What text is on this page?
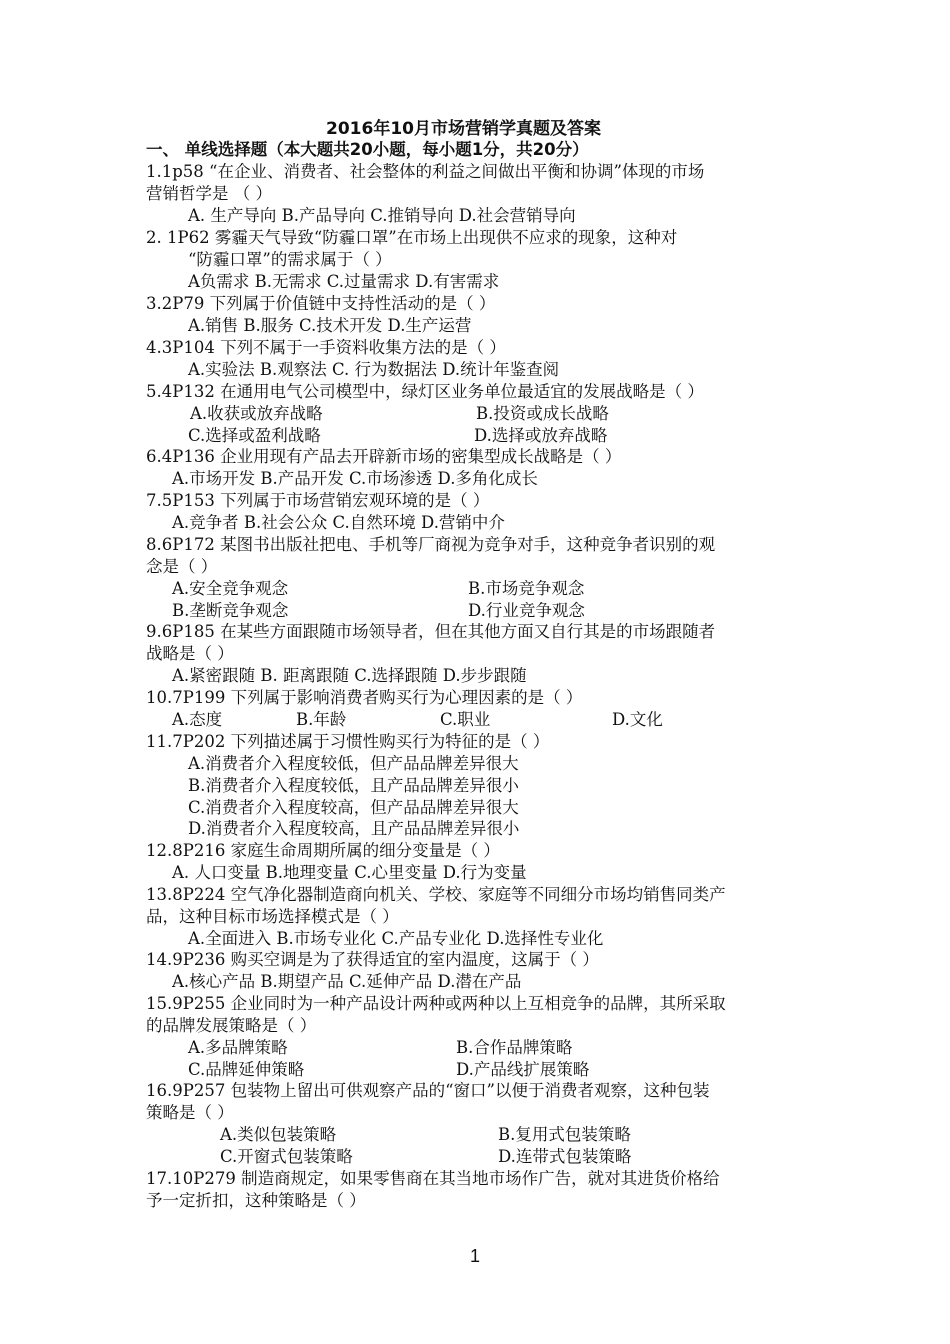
2016年10月市场营销学真题及答案
一、 单线选择题（本大题共20小题，每小题1分，共20分）
1.1p58 “在企业、消费者、社会整体的利益之间做出平衡和协调”体现的市场
营销哲学是 （ ）
A. 生产导向 B.产品导向 C.推销导向 D.社会营销导向
2. 1P62 雾霾天气导致“防霾口罩”在市场上出现供不应求的现象，这种对
“防霾口罩”的需求属于（ ）
A负需求 B.无需求 C.过量需求 D.有害需求
3.2P79 下列属于价值链中支持性活动的是（ ）
A.销售 B.服务 C.技术开发 D.生产运营
4.3P104 下列不属于一手资料收集方法的是（ ）
A.实验法 B.观察法 C. 行为数据法 D.统计年鉴查阅
5.4P132 在通用电气公司模型中，绿灯区业务单位最适宜的发展战略是（ ）
A.收获或放弃战略	B.投资或成长战略
C.选择或盈利战略	D.选择或放弃战略
6.4P136 企业用现有产品去开辟新市场的密集型成长战略是（ ）
A.市场开发 B.产品开发 C.市场渗透 D.多角化成长
7.5P153 下列属于市场营销宏观环境的是（ ）
A.竞争者 B.社会公众 C.自然环境 D.营销中介
8.6P172 某图书出版社把电、手机等厂商视为竞争对手，这种竞争者识别的观
念是（ ）
A.安全竞争观念	B.市场竞争观念
B.垄断竞争观念	D.行业竞争观念
9.6P185 在某些方面跟随市场领导者，但在其他方面又自行其是的市场跟随者
战略是（ ）
A.紧密跟随 B. 距离跟随 C.选择跟随 D.步步跟随
10.7P199 下列属于影响消费者购买行为心理因素的是（ ）
A.态度	B.年龄	C.职业	D.文化
11.7P202 下列描述属于习惯性购买行为特征的是（ ）
A.消费者介入程度较低，但产品品牌差异很大
B.消费者介入程度较低，且产品品牌差异很小
C.消费者介入程度较高，但产品品牌差异很大
D.消费者介入程度较高，且产品品牌差异很小
12.8P216 家庭生命周期所属的细分变量是（ ）
A. 人口变量 B.地理变量 C.心里变量 D.行为变量
13.8P224 空气净化器制造商向机关、学校、家庭等不同细分市场均销售同类产
品，这种目标市场选择模式是（ ）
A.全面进入 B.市场专业化 C.产品专业化 D.选择性专业化
14.9P236 购买空调是为了获得适宜的室内温度，这属于（ ）
A.核心产品 B.期望产品 C.延伸产品 D.潜在产品
15.9P255 企业同时为一种产品设计两种或两种以上互相竞争的品牌，其所采取
的品牌发展策略是（ ）
A.多品牌策略	B.合作品牌策略
C.品牌延伸策略	D.产品线扩展策略
16.9P257 包装物上留出可供观察产品的“窗口”以便于消费者观察，这种包装
策略是（ ）
A.类似包装策略	B.复用式包装策略
C.开窗式包装策略	D.连带式包装策略
17.10P279 制造商规定，如果零售商在其当地市场作广告，就对其进货价格给
予一定折扣，这种策略是（ ）
1
